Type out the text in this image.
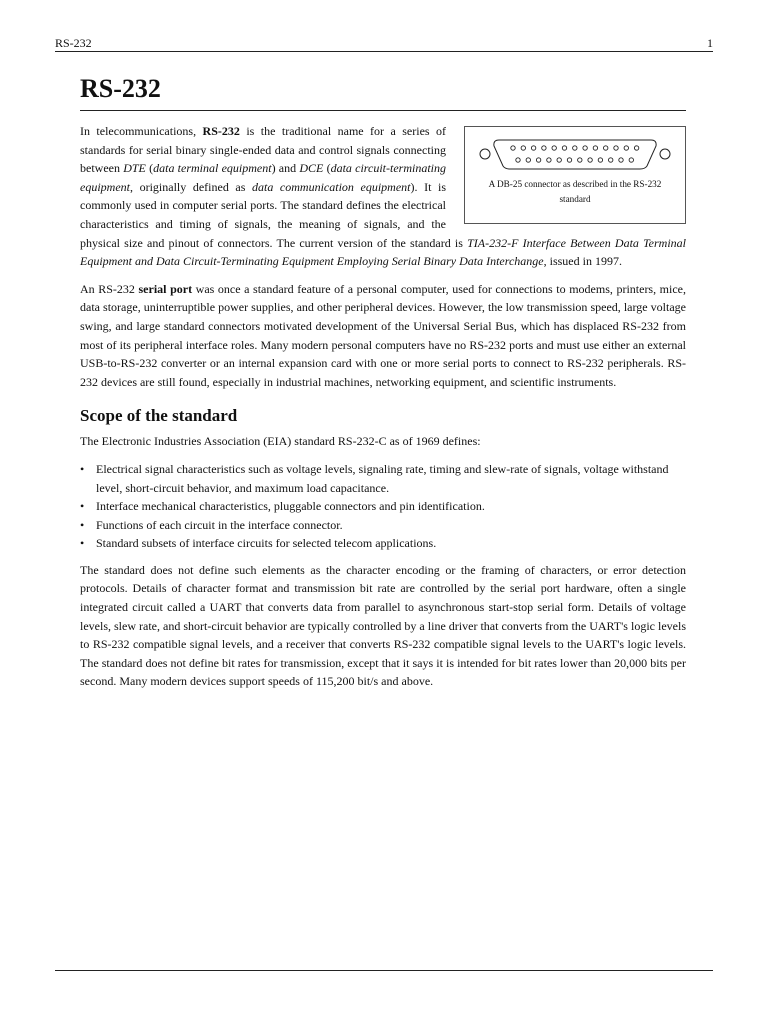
RS-232	1
RS-232
A DB-25 connector as described in the RS-232 standard

In telecommunications, RS-232 is the traditional name for a series of standards for serial binary single-ended data and control signals connecting between DTE (data terminal equipment) and DCE (data circuit-terminating equipment, originally defined as data communication equipment). It is commonly used in computer serial ports. The standard defines the electrical characteristics and timing of signals, the meaning of signals, and the physical size and pinout of connectors. The current version of the standard is TIA-232-F Interface Between Data Terminal Equipment and Data Circuit-Terminating Equipment Employing Serial Binary Data Interchange, issued in 1997.

An RS-232 serial port was once a standard feature of a personal computer, used for connections to modems, printers, mice, data storage, uninterruptible power supplies, and other peripheral devices. However, the low transmission speed, large voltage swing, and large standard connectors motivated development of the Universal Serial Bus, which has displaced RS-232 from most of its peripheral interface roles. Many modern personal computers have no RS-232 ports and must use either an external USB-to-RS-232 converter or an internal expansion card with one or more serial ports to connect to RS-232 peripherals. RS-232 devices are still found, especially in industrial machines, networking equipment, and scientific instruments.

Scope of the standard

The Electronic Industries Association (EIA) standard RS-232-C as of 1969 defines:

• Electrical signal characteristics such as voltage levels, signaling rate, timing and slew-rate of signals, voltage withstand level, short-circuit behavior, and maximum load capacitance.
• Interface mechanical characteristics, pluggable connectors and pin identification.
• Functions of each circuit in the interface connector.
• Standard subsets of interface circuits for selected telecom applications.

The standard does not define such elements as the character encoding or the framing of characters, or error detection protocols. Details of character format and transmission bit rate are controlled by the serial port hardware, often a single integrated circuit called a UART that converts data from parallel to asynchronous start-stop serial form. Details of voltage levels, slew rate, and short-circuit behavior are typically controlled by a line driver that converts from the UART's logic levels to RS-232 compatible signal levels, and a receiver that converts RS-232 compatible signal levels to the UART's logic levels. The standard does not define bit rates for transmission, except that it says it is intended for bit rates lower than 20,000 bits per second. Many modern devices support speeds of 115,200 bit/s and above.
